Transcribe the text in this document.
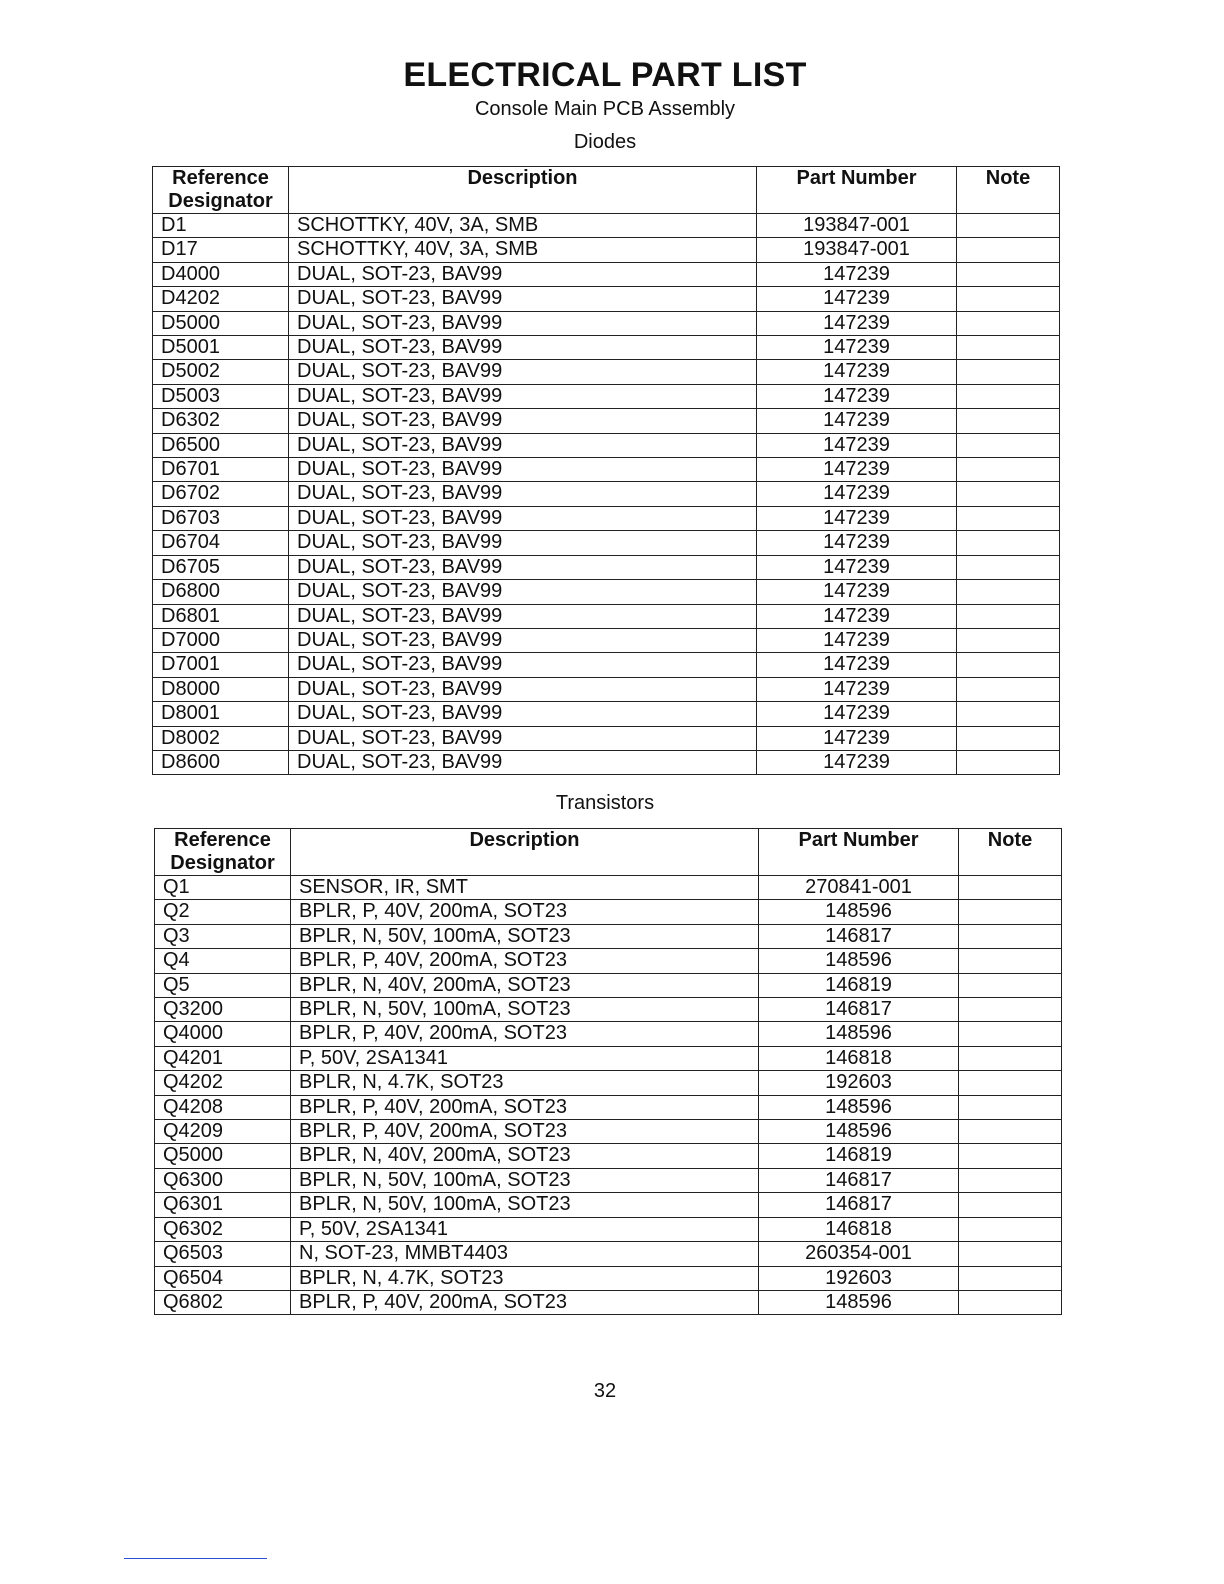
ELECTRICAL PART LIST
Console Main PCB Assembly
Diodes
Reference Designator	Description	Part Number	Note
D1	SCHOTTKY, 40V, 3A, SMB	193847-001	
D17	SCHOTTKY, 40V, 3A, SMB	193847-001	
D4000	DUAL, SOT-23, BAV99	147239	
D4202	DUAL, SOT-23, BAV99	147239	
D5000	DUAL, SOT-23, BAV99	147239	
D5001	DUAL, SOT-23, BAV99	147239	
D5002	DUAL, SOT-23, BAV99	147239	
D5003	DUAL, SOT-23, BAV99	147239	
D6302	DUAL, SOT-23, BAV99	147239	
D6500	DUAL, SOT-23, BAV99	147239	
D6701	DUAL, SOT-23, BAV99	147239	
D6702	DUAL, SOT-23, BAV99	147239	
D6703	DUAL, SOT-23, BAV99	147239	
D6704	DUAL, SOT-23, BAV99	147239	
D6705	DUAL, SOT-23, BAV99	147239	
D6800	DUAL, SOT-23, BAV99	147239	
D6801	DUAL, SOT-23, BAV99	147239	
D7000	DUAL, SOT-23, BAV99	147239	
D7001	DUAL, SOT-23, BAV99	147239	
D8000	DUAL, SOT-23, BAV99	147239	
D8001	DUAL, SOT-23, BAV99	147239	
D8002	DUAL, SOT-23, BAV99	147239	
D8600	DUAL, SOT-23, BAV99	147239	
Transistors
Reference Designator	Description	Part Number	Note
Q1	SENSOR, IR, SMT	270841-001	
Q2	BPLR, P, 40V, 200mA, SOT23	148596	
Q3	BPLR, N, 50V, 100mA, SOT23	146817	
Q4	BPLR, P, 40V, 200mA, SOT23	148596	
Q5	BPLR, N, 40V, 200mA, SOT23	146819	
Q3200	BPLR, N, 50V, 100mA, SOT23	146817	
Q4000	BPLR, P, 40V, 200mA, SOT23	148596	
Q4201	P, 50V, 2SA1341	146818	
Q4202	BPLR, N, 4.7K, SOT23	192603	
Q4208	BPLR, P, 40V, 200mA, SOT23	148596	
Q4209	BPLR, P, 40V, 200mA, SOT23	148596	
Q5000	BPLR, N, 40V, 200mA, SOT23	146819	
Q6300	BPLR, N, 50V, 100mA, SOT23	146817	
Q6301	BPLR, N, 50V, 100mA, SOT23	146817	
Q6302	P, 50V, 2SA1341	146818	
Q6503	N, SOT-23, MMBT4403	260354-001	
Q6504	BPLR, N, 4.7K, SOT23	192603	
Q6802	BPLR, P, 40V, 200mA, SOT23	148596	
32
